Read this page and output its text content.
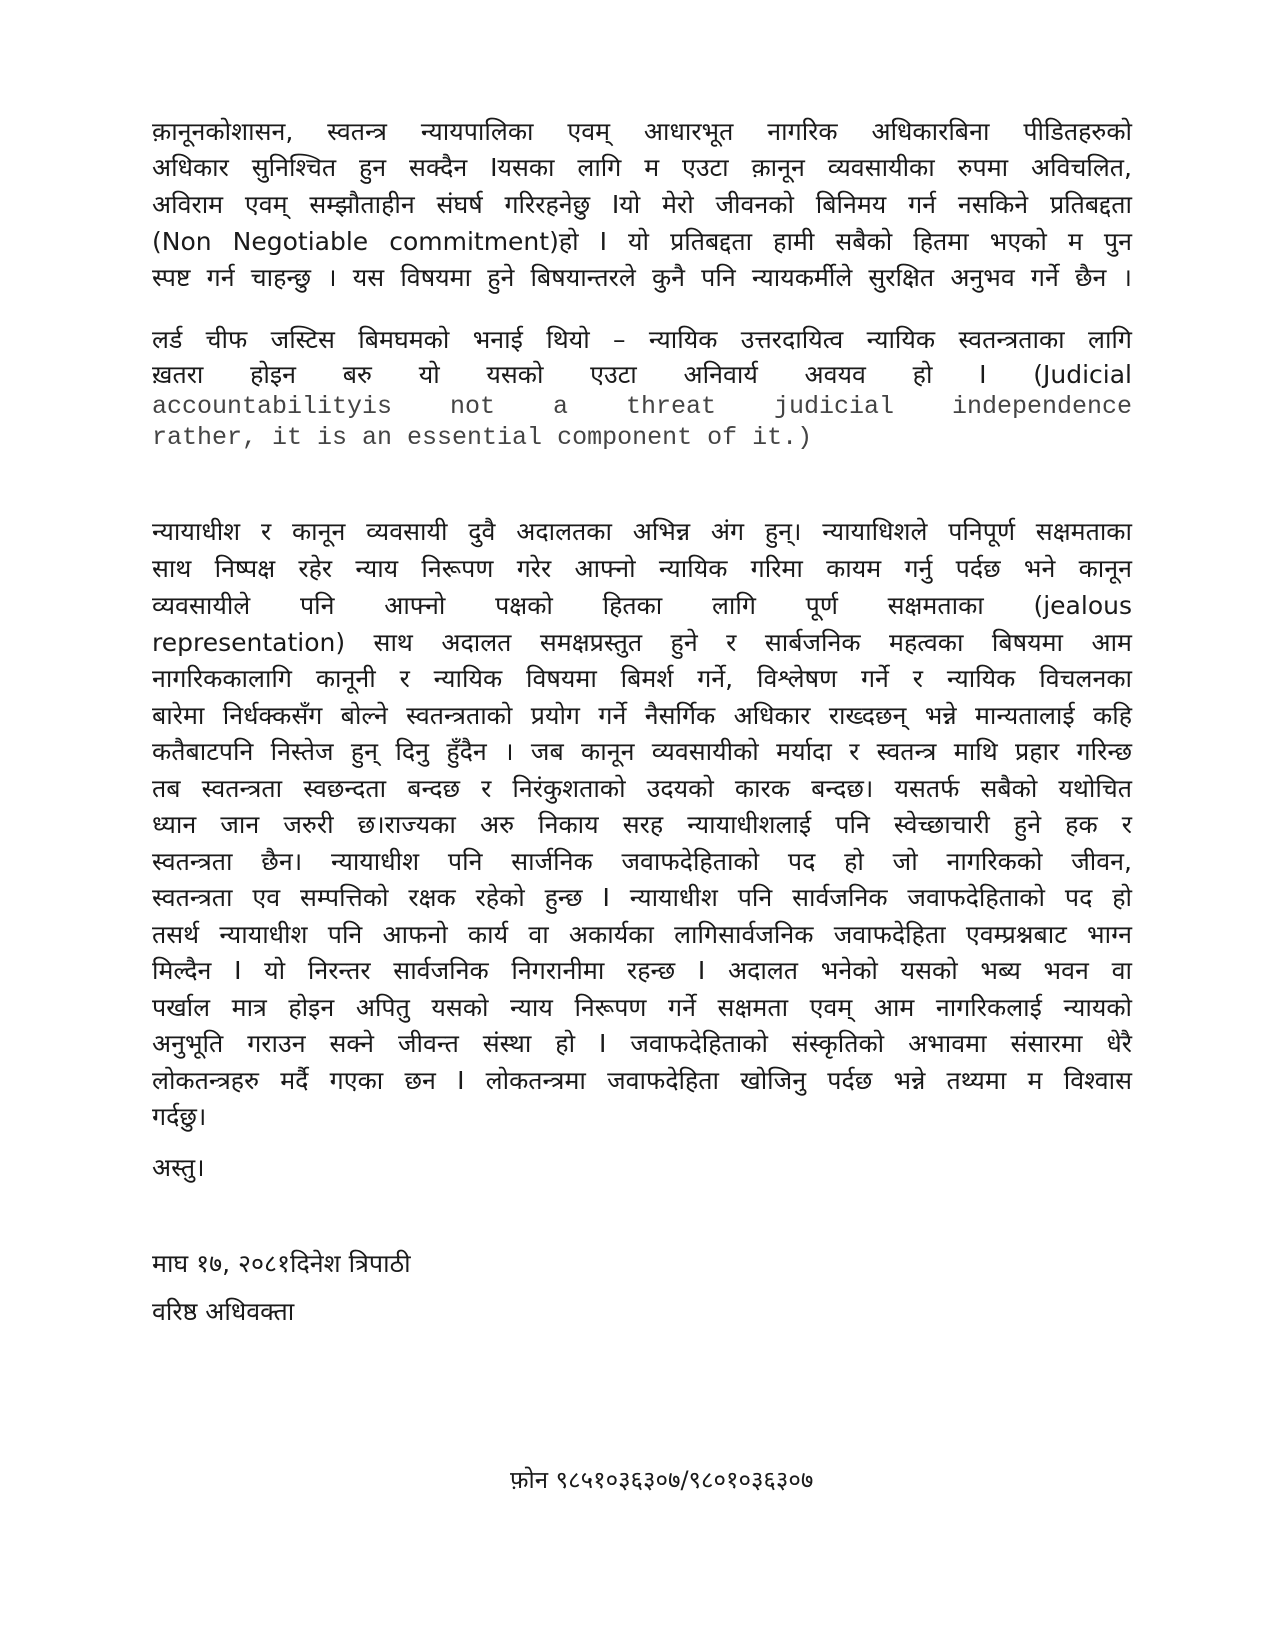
क़ानूनकोशासन, स्वतन्त्र न्यायपालिका एवम् आधारभूत नागरिक अधिकारबिना पीडितहरुको
अधिकार सुनिश्चित हुन सक्दैन Iयसका लागि म एउटा क़ानून व्यवसायीका रुपमा अविचलित,
अविराम एवम् सम्झौताहीन संघर्ष गरिरहनेछु Iयो मेरो जीवनको बिनिमय गर्न नसकिने प्रतिबद्दता
(Non Negotiable commitment)हो I यो प्रतिबद्दता हामी सबैको हितमा भएको म पुन
स्पष्ट गर्न चाहन्छु । यस विषयमा हुने बिषयान्तरले कुनै पनि न्यायकर्मीले सुरक्षित अनुभव गर्ने छैन ।
लर्ड चीफ जस्टिस बिमघमको भनाई थियो – न्यायिक उत्तरदायित्व न्यायिक स्वतन्त्रताका लागि
ख़तरा होइन बरु यो यसको एउटा अनिवार्य अवयव हो I (Judicial
accountabilityis not a threat judicial independence
rather, it is an essential component of it.)
न्यायाधीश र कानून व्यवसायी दुवै अदालतका अभिन्न अंग हुन्। न्यायाधिशले पनिपूर्ण सक्षमताका
साथ निष्पक्ष रहेर न्याय निरूपण गरेर आफ्नो न्यायिक गरिमा कायम गर्नु पर्दछ भने कानून
व्यवसायीले पनि आफ्नो पक्षको हितका लागि पूर्ण सक्षमताका (jealous
representation) साथ अदालत समक्षप्रस्तुत हुने र सार्बजनिक महत्वका बिषयमा आम
नागरिककालागि कानूनी र न्यायिक विषयमा बिमर्श गर्ने, विश्लेषण गर्ने र न्यायिक विचलनका
बारेमा निर्धक्कसँग बोल्ने स्वतन्त्रताको प्रयोग गर्ने नैसर्गिक अधिकार राख्दछन् भन्ने मान्यतालाई कहि
कतैबाटपनि निस्तेज हुन् दिनु हुँदैन । जब कानून व्यवसायीको मर्यादा र स्वतन्त्र माथि प्रहार गरिन्छ
तब स्वतन्त्रता स्वछन्दता बन्दछ र निरंकुशताको उदयको कारक बन्दछ। यसतर्फ सबैको यथोचित
ध्यान जान जरुरी छ।राज्यका अरु निकाय सरह न्यायाधीशलाई पनि स्वेच्छाचारी हुने हक र
स्वतन्त्रता छैन। न्यायाधीश पनि सार्जनिक जवाफदेहिताको पद हो जो नागरिकको जीवन,
स्वतन्त्रता एव सम्पत्तिको रक्षक रहेको हुन्छ I न्यायाधीश पनि सार्वजनिक जवाफदेहिताको पद हो
तसर्थ न्यायाधीश पनि आफनो कार्य वा अकार्यका लागिसार्वजनिक जवाफदेहिता एवम्प्रश्नबाट भाग्न
मिल्दैन I यो निरन्तर सार्वजनिक निगरानीमा रहन्छ I अदालत भनेको यसको भब्य भवन वा
पर्खाल मात्र होइन अपितु यसको न्याय निरूपण गर्ने सक्षमता एवम् आम नागरिकलाई न्यायको
अनुभूति गराउन सक्ने जीवन्त संस्था हो I जवाफदेहिताको संस्कृतिको अभावमा संसारमा धेरै
लोकतन्त्रहरु मर्दै गएका छन I लोकतन्त्रमा जवाफदेहिता खोजिनु पर्दछ भन्ने तथ्यमा म विश्वास
गर्दछु।
अस्तु।
माघ १७, २०८१दिनेश त्रिपाठी
वरिष्ठ अधिवक्ता
फ़ोन ९८५१०३६३०७/९८०१०३६३०७
